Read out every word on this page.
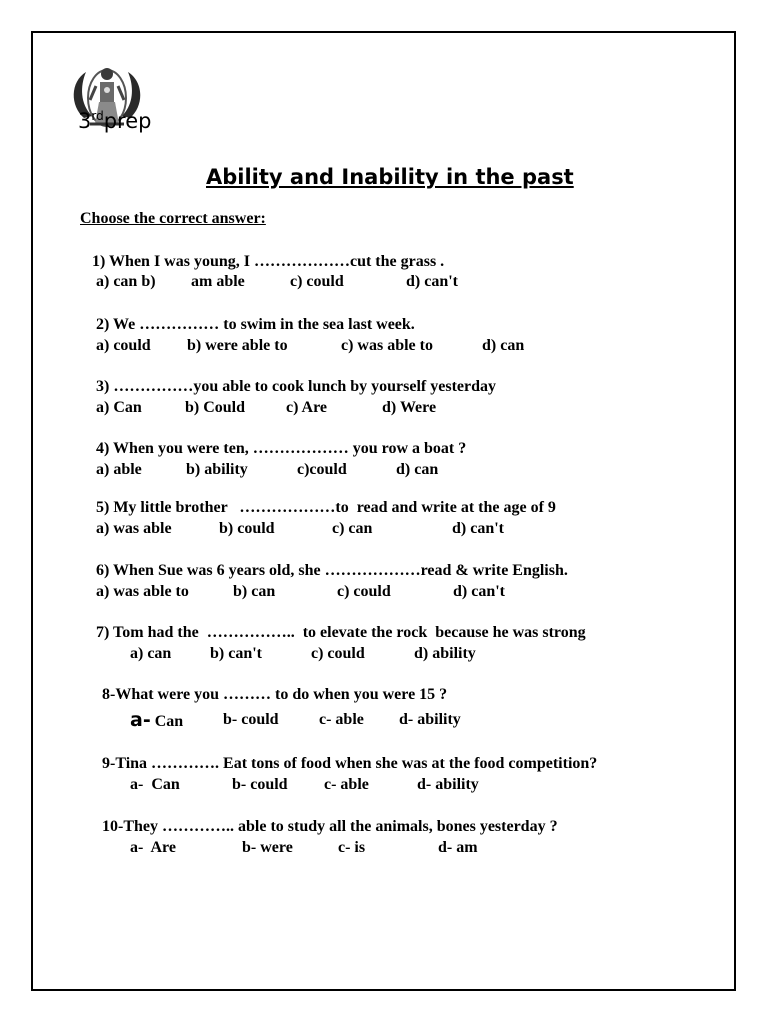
3rdprep
Ability and Inability in the past
Choose the correct answer:
1) When I was young, I ………………cut the grass .

a) can b)

am able

	c) could

	d) can't

2) We …………… to swim in the sea last week.

a) could

b) were able to

	c) was able to

	d) can

3) ……………you able to cook lunch by yourself yesterday

a) Can

	b) Could

	c) Are

	d) Were

4) When you were ten, ……………… you row a boat ?

a) able

	b) ability

	c)could

	d) can

5) My little brother   ………………to  read and write at the age of 9

a) was able

	b) could

	c) can

	d) can't

6) When Sue was 6 years old, she ………………read & write English.

a) was able to

	b) can

	c) could

	d) can't

7) Tom had the  ……………..  to elevate the rock  because he was strong

a) can

b) can't

	c) could

	d) ability

8-What were you ……… to do when you were 15 ?

a- Can

b- could

	c- able

d- ability

9-Tina …………. Eat tons of food when she was at the food competition?

a-  Can

	b- could

c- able

	d- ability

10-They ………….. able to study all the animals, bones yesterday ?

a-  Are

	b- were

	c- is

	d- am
